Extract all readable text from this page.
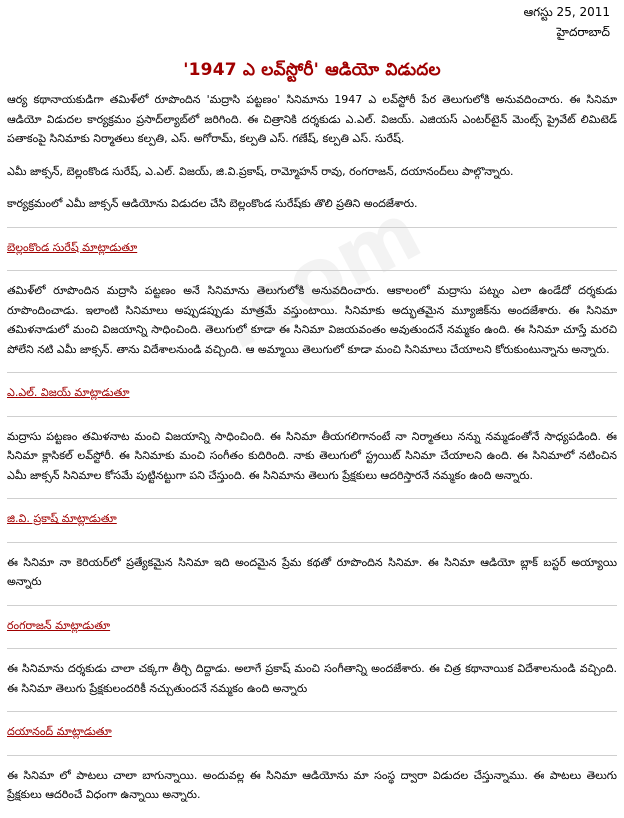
ఆగస్టు 25, 2011
హైదరాబాద్
'1947 ఎ లవ్‌స్టోరీ' ఆడియో విడుదల

ఆర్య కథానాయకుడిగా తమిళ్‌లో రూపొందిన 'మద్రాసి పట్టణం' సినిమాను 1947 ఎ లవ్‌స్టోరీ పేర తెలుగులోకి అనువదించారు. ఈ సినిమా ఆడియో విడుదల కార్యక్రమం ప్రసాద్‌ల్యాబ్‌లో జరిగింది. ఈ చిత్రానికి దర్శకుడు ఎ.ఎల్. విజయ్. ఎజియస్ ఎంటర్‌టైన్ మెంట్స్ ప్రైవేట్ లిమిటెడ్ పతాకంపై సినిమాకు నిర్మాతలు కల్పతి, ఎస్. అగోరామ్, కల్పతి ఎస్. గణేష్, కల్పతి ఎస్. సురేష్.

ఎమీ జాక్సన్, బెల్లంకొండ సురేష్, ఎ.ఎల్. విజయ్, జి.వి.ప్రకాష్, రామ్మోహన్ రావు, రంగరాజన్, దయానంద్‌లు పాల్గొన్నారు.

కార్యక్రమంలో ఎమీ జాక్సన్ ఆడియోను విడుదల చేసి బెల్లంకొండ సురేష్‌కు తొలి ప్రతిని అందజేశారు.

బెల్లంకొండ సురేష్ మాట్లాడుతూ

తమిళ్‌లో రూపొందిన మద్రాసి పట్టణం అనే సినిమాను తెలుగులోకి అనువదించారు. ఆకాలంలో మద్రాసు పట్నం ఎలా ఉండేదో దర్శకుడు రూపొందించాడు. ఇలాంటి సినిమాలు అప్పుడప్పుడు మాత్రమే వస్తుంటాయి. సినిమాకు అద్భుతమైన మ్యూజిక్‌ను అందజేశారు. ఈ సినిమా తమిళనాడులో మంచి విజయాన్ని సాధించింది. తెలుగులో కూడా ఈ సినిమా విజయవంతం అవుతుందనే నమ్మకం ఉంది. ఈ సినిమా చూస్తే మరచి పోలేని నటి ఎమీ జాక్సన్. తాను విదేశాలనుండి వచ్చింది. ఆ అమ్మాయి తెలుగులో కూడా మంచి సినిమాలు చేయాలని కోరుకుంటున్నాను అన్నారు.

ఎ.ఎల్. విజయ్ మాట్లాడుతూ

మద్రాసు పట్టణం తమిళనాట మంచి విజయాన్ని సాధించింది. ఈ సినిమా తీయగలిగానంటే నా నిర్మాతలు నన్ను నమ్మడంతోనే సాధ్యపడింది. ఈ సినిమా క్లాసికల్ లవ్‌స్టోరీ. ఈ సినిమాకు మంచి సంగీతం కుదిరింది. నాకు తెలుగులో స్ట్రయిట్ సినిమా చేయాలని ఉంది. ఈ సినిమాలో నటించిన ఎమీ జాక్సన్ సినిమాల కోసమే పుట్టినట్టుగా పని చేస్తుంది. ఈ సినిమాను తెలుగు ప్రేక్షకులు ఆదరిస్తారనే నమ్మకం ఉంది అన్నారు.

జి.వి. ప్రకాష్ మాట్లాడుతూ

ఈ సినిమా నా కెరియర్‌లో ప్రత్యేకమైన సినిమా ఇది అందమైన ప్రేమ కథతో రూపొందిన సినిమా. ఈ సినిమా ఆడియో బ్లాక్ బస్టర్ అయ్యాయి అన్నారు

రంగరాజన్ మాట్లాడుతూ

ఈ సినిమాను దర్శకుడు చాలా చక్కగా తీర్చి దిద్దాడు. అలాగే ప్రకాష్ మంచి సంగీతాన్ని అందజేశారు. ఈ చిత్ర కథానాయిక విదేశాలనుండి వచ్చింది. ఈ సినిమా తెలుగు ప్రేక్షకులందరికీ నచ్చుతుందనే నమ్మకం ఉంది అన్నారు

దయానంద్ మాట్లాడుతూ

ఈ సినిమా లో పాటలు చాలా బాగున్నాయి. అందువల్ల ఈ సినిమా ఆడియోను మా సంస్థ ద్వారా విడుదల చేస్తున్నాము. ఈ పాటలు తెలుగు ప్రేక్షకులు ఆదరించే విధంగా ఉన్నాయి అన్నారు.
